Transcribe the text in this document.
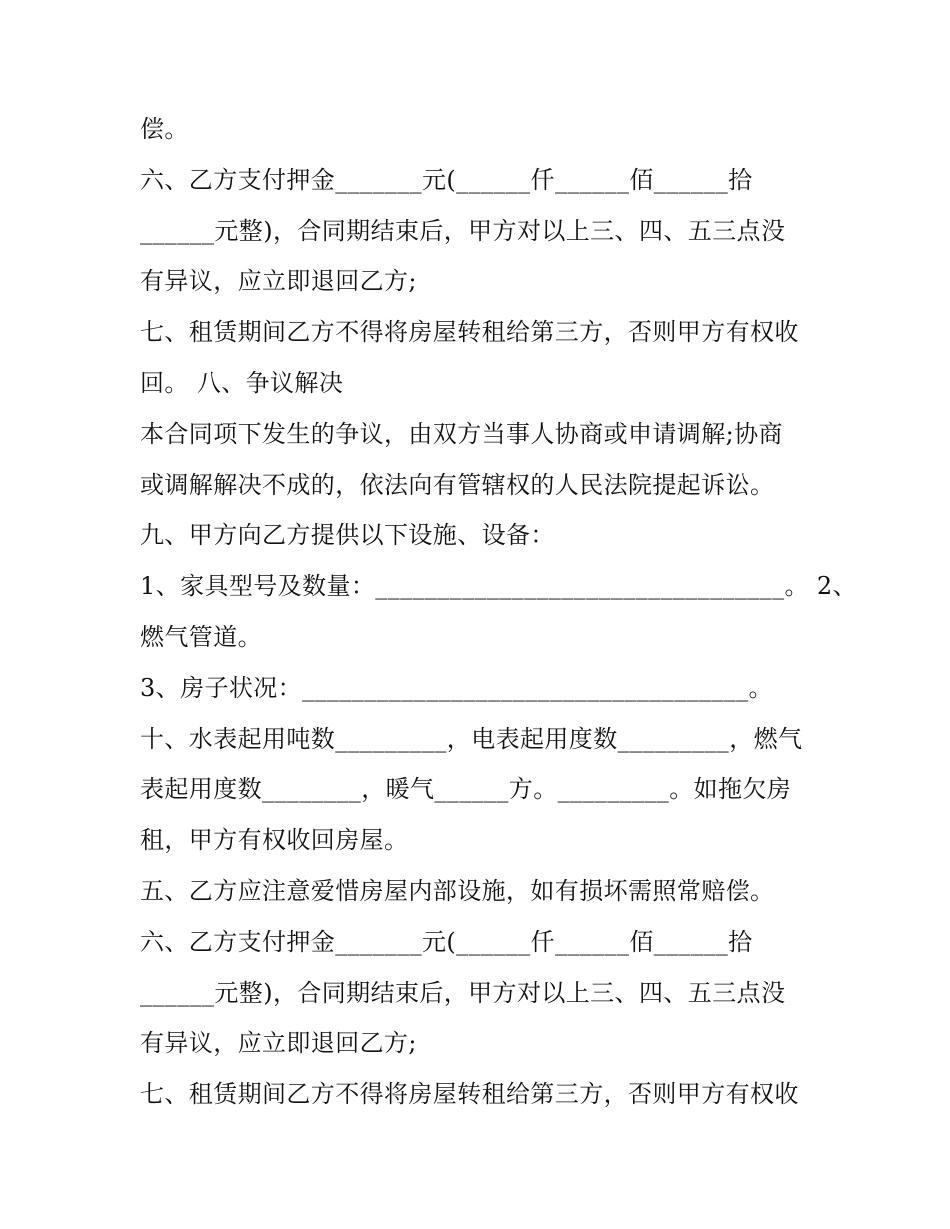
偿。
六、乙方支付押金_______元(______仟______佰______拾
______元整)，合同期结束后，甲方对以上三、四、五三点没
有异议，应立即退回乙方;
七、租赁期间乙方不得将房屋转租给第三方，否则甲方有权收
回。 八、争议解决
本合同项下发生的争议，由双方当事人协商或申请调解;协商
或调解解决不成的，依法向有管辖权的人民法院提起诉讼。
九、甲方向乙方提供以下设施、设备：
1、家具型号及数量：_________________________________。 2、
燃气管道。
3、房子状况：____________________________________。
十、水表起用吨数_________，电表起用度数_________，燃气
表起用度数________，暖气______方。_________。如拖欠房
租，甲方有权收回房屋。
五、乙方应注意爱惜房屋内部设施，如有损坏需照常赔偿。
六、乙方支付押金_______元(______仟______佰______拾
______元整)，合同期结束后，甲方对以上三、四、五三点没
有异议，应立即退回乙方;
七、租赁期间乙方不得将房屋转租给第三方，否则甲方有权收
